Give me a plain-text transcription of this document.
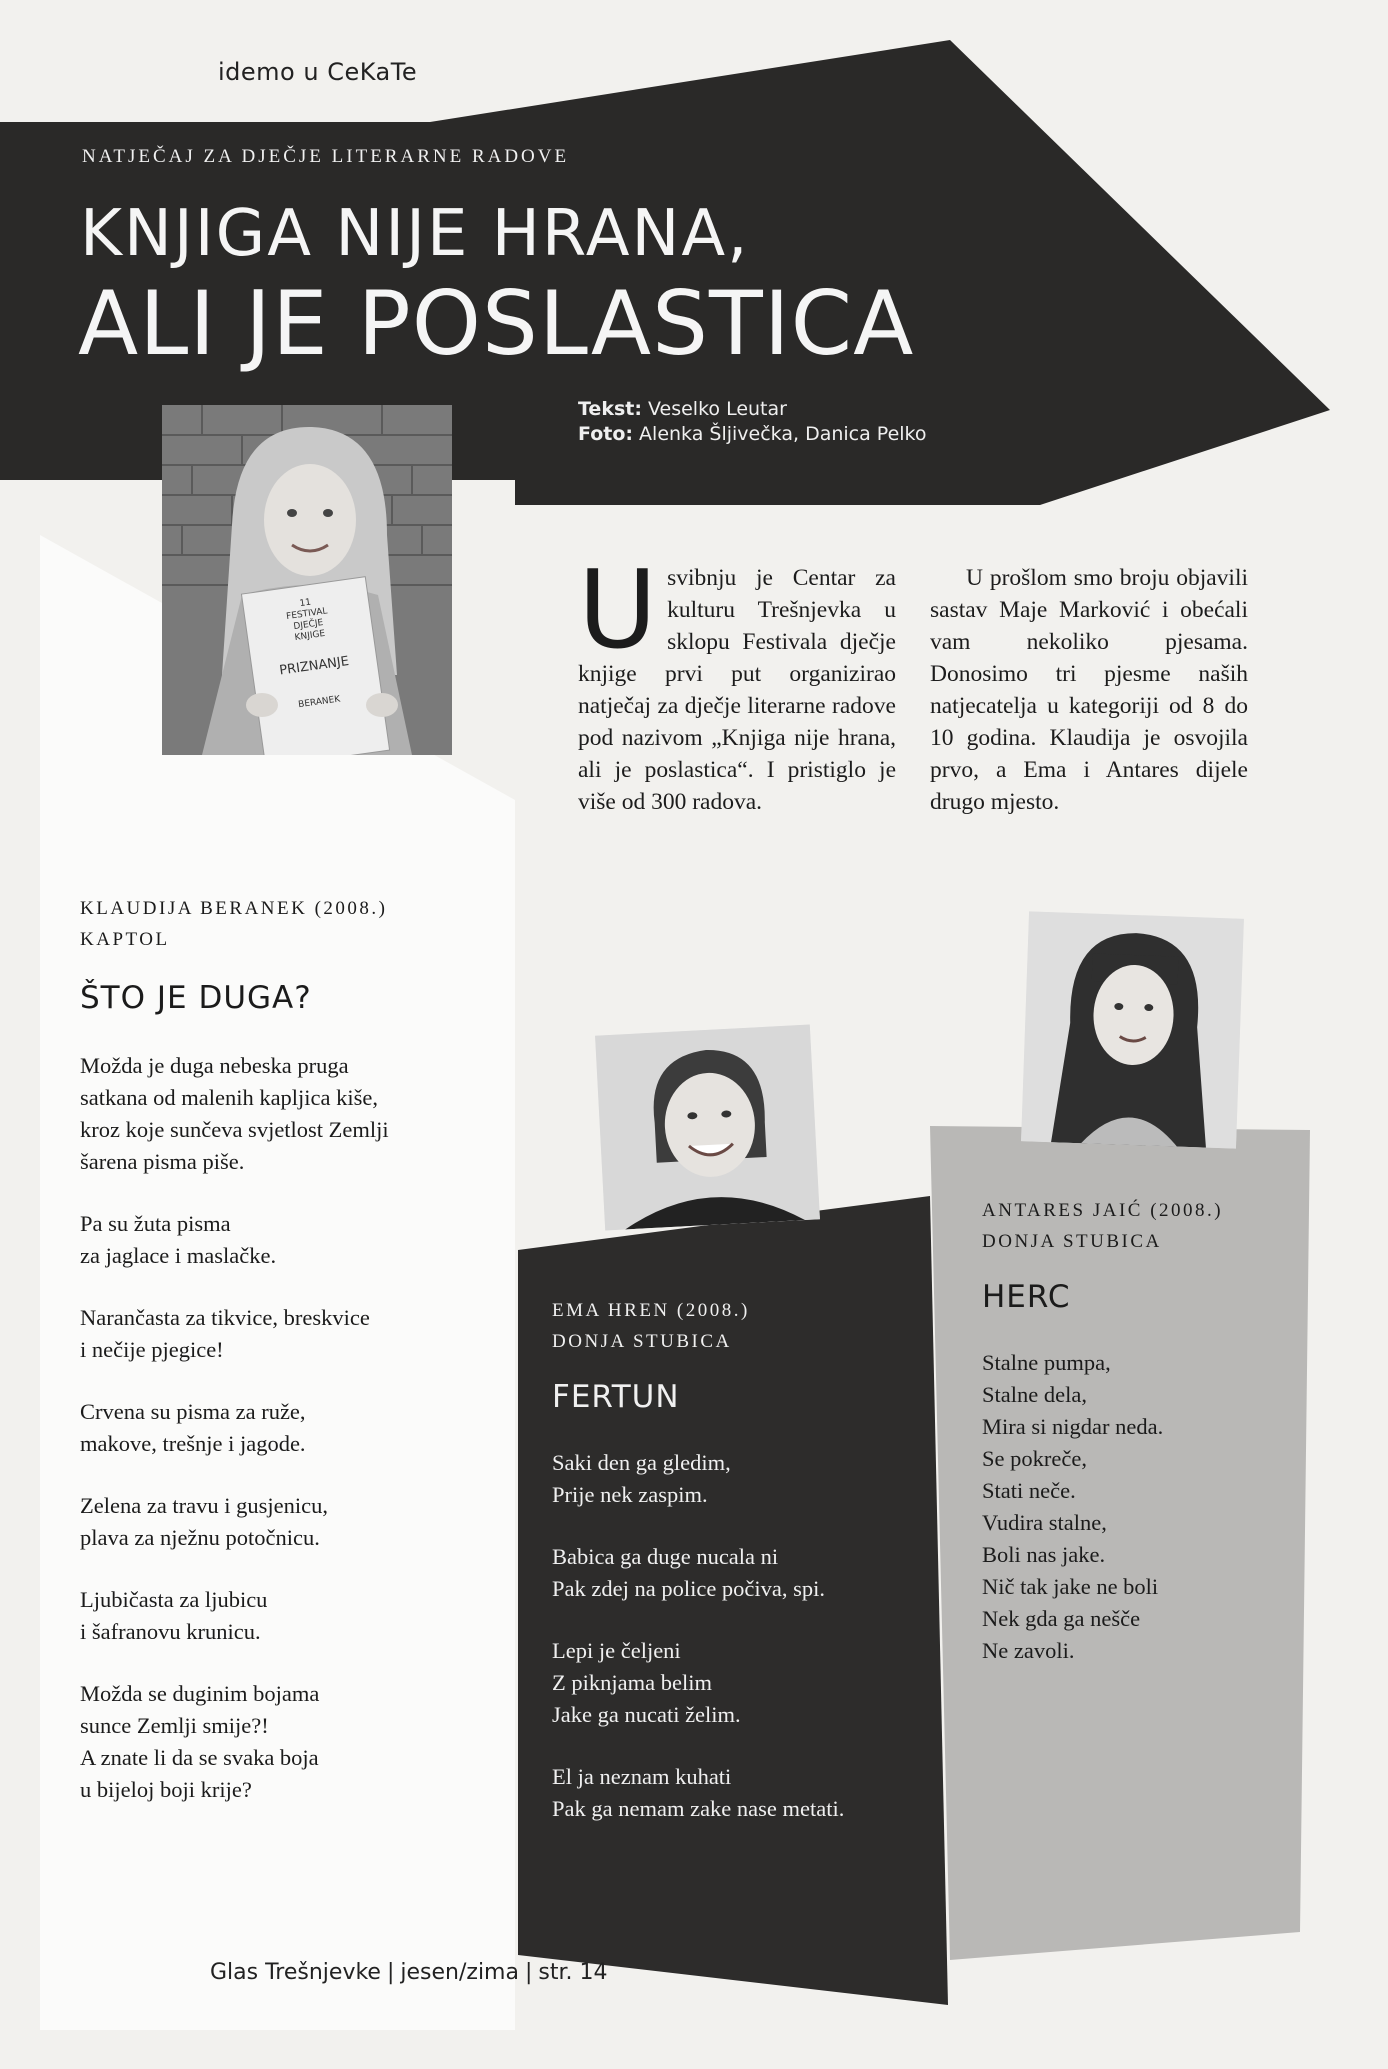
idemo u CeKaTe
NATJEČAJ ZA DJEČJE LITERARNE RADOVE
KNJIGA NIJE HRANA,
ALI JE POSLASTICA
Tekst: Veselko Leutar
Foto: Alenka Šljivečka, Danica Pelko
11
FESTIVAL
DJEČJE
KNJIGE
PRIZNANJE
BERANEK
U svibnju je Centar za kulturu Trešnjevka u sklopu Festivala dječje knjige prvi put organizirao natječaj za dječje literarne radove pod nazivom „Knjiga nije hrana, ali je poslastica“. I pristiglo je više od 300 radova.
U prošlom smo broju objavili sastav Maje Marković i obećali vam nekoliko pjesama. Donosimo tri pjesme naših natjecatelja u kategoriji od 8 do 10 godina. Klaudija je osvojila prvo, a Ema i Antares dijele drugo mjesto.
KLAUDIJA BERANEK (2008.)
KAPTOL
ŠTO JE DUGA?
Možda je duga nebeska pruga
satkana od malenih kapljica kiše,
kroz koje sunčeva svjetlost Zemlji
šarena pisma piše.
Pa su žuta pisma
za jaglace i maslačke.
Narančasta za tikvice, breskvice
i nečije pjegice!
Crvena su pisma za ruže,
makove, trešnje i jagode.
Zelena za travu i gusjenicu,
plava za nježnu potočnicu.
Ljubičasta za ljubicu
i šafranovu krunicu.
Možda se duginim bojama
sunce Zemlji smije?!
A znate li da se svaka boja
u bijeloj boji krije?
EMA HREN (2008.)
DONJA STUBICA
FERTUN
Saki den ga gledim,
Prije nek zaspim.
Babica ga duge nucala ni
Pak zdej na police počiva, spi.
Lepi je čeljeni
Z piknjama belim
Jake ga nucati želim.
El ja neznam kuhati
Pak ga nemam zake nase metati.
ANTARES JAIĆ (2008.)
DONJA STUBICA
HERC
Stalne pumpa,
Stalne dela,
Mira si nigdar neda.
Se pokreče,
Stati neče.
Vudira stalne,
Boli nas jake.
Nič tak jake ne boli
Nek gda ga nešče
Ne zavoli.
Glas Trešnjevke | jesen/zima | str. 14
